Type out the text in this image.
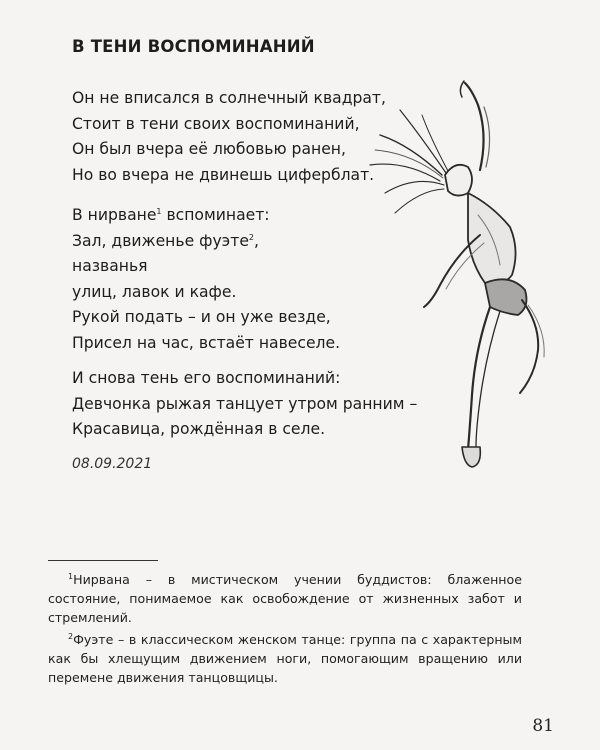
В ТЕНИ ВОСПОМИНАНИЙ
Он не вписался в солнечный квадрат,
Стоит в тени своих воспоминаний,
Он был вчера её любовью ранен,
Но во вчера не двинешь циферблат.
В нирване$^1$ вспоминает:
Зал, движенье фуэте$^2$,
названья
улиц, лавок и кафе.
Рукой подать – и он уже везде,
Присел на час, встаёт навеселе.
И снова тень его воспоминаний:
Девчонка рыжая танцует утром ранним –
Красавица, рождённая в селе.
08.09.2021
$^1$Нирвана – в мистическом учении буддистов: блаженное состояние, понимаемое как освобождение от жизненных забот и стремлений.
$^2$Фуэте – в классическом женском танце: группа па с характерным как бы хлещущим движением ноги, помогающим вращению или перемене движения танцовщицы.
81
